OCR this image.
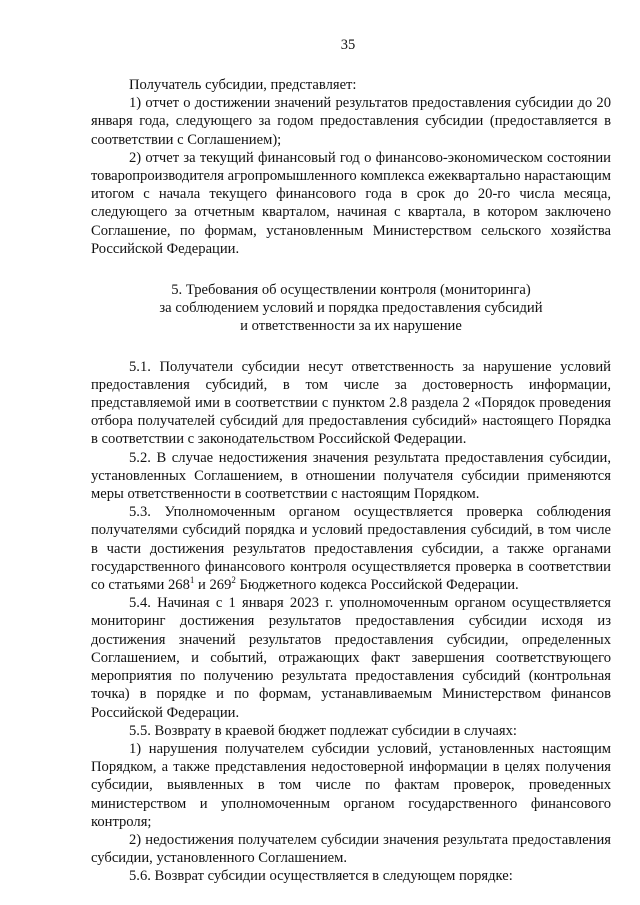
35

Получатель субсидии, представляет:

1) отчет о достижении значений результатов предоставления субсидии до 20 января года, следующего за годом предоставления субсидии (предоставляется в соответствии с Соглашением);

2) отчет за текущий финансовый год о финансово-экономическом состоянии товаропроизводителя агропромышленного комплекса ежеквартально нарастающим итогом с начала текущего финансового года в срок до 20-го числа месяца, следующего за отчетным кварталом, начиная с квартала, в котором заключено Соглашение, по формам, установленным Министерством сельского хозяйства Российской Федерации.

5. Требования об осуществлении контроля (мониторинга)
за соблюдением условий и порядка предоставления субсидий
и ответственности за их нарушение

5.1. Получатели субсидии несут ответственность за нарушение условий предоставления субсидий, в том числе за достоверность информации, представляемой ими в соответствии с пунктом 2.8 раздела 2 «Порядок проведения отбора получателей субсидий для предоставления субсидий» настоящего Порядка в соответствии с законодательством Российской Федерации.

5.2. В случае недостижения значения результата предоставления субсидии, установленных Соглашением, в отношении получателя субсидии применяются меры ответственности в соответствии с настоящим Порядком.

5.3. Уполномоченным органом осуществляется проверка соблюдения получателями субсидий порядка и условий предоставления субсидий, в том числе в части достижения результатов предоставления субсидии, а также органами государственного финансового контроля осуществляется проверка в соответствии со статьями $268^1$ и $269^2$ Бюджетного кодекса Российской Федерации.

5.4. Начиная с 1 января 2023 г. уполномоченным органом осуществляется мониторинг достижения результатов предоставления субсидии исходя из достижения значений результатов предоставления субсидии, определенных Соглашением, и событий, отражающих факт завершения соответствующего мероприятия по получению результата предоставления субсидий (контрольная точка) в порядке и по формам, устанавливаемым Министерством финансов Российской Федерации.

5.5. Возврату в краевой бюджет подлежат субсидии в случаях:

1) нарушения получателем субсидии условий, установленных настоящим Порядком, а также представления недостоверной информации в целях получения субсидии, выявленных в том числе по фактам проверок, проведенных министерством и уполномоченным органом государственного финансового контроля;

2) недостижения получателем субсидии значения результата предоставления субсидии, установленного Соглашением.

5.6. Возврат субсидии осуществляется в следующем порядке:
